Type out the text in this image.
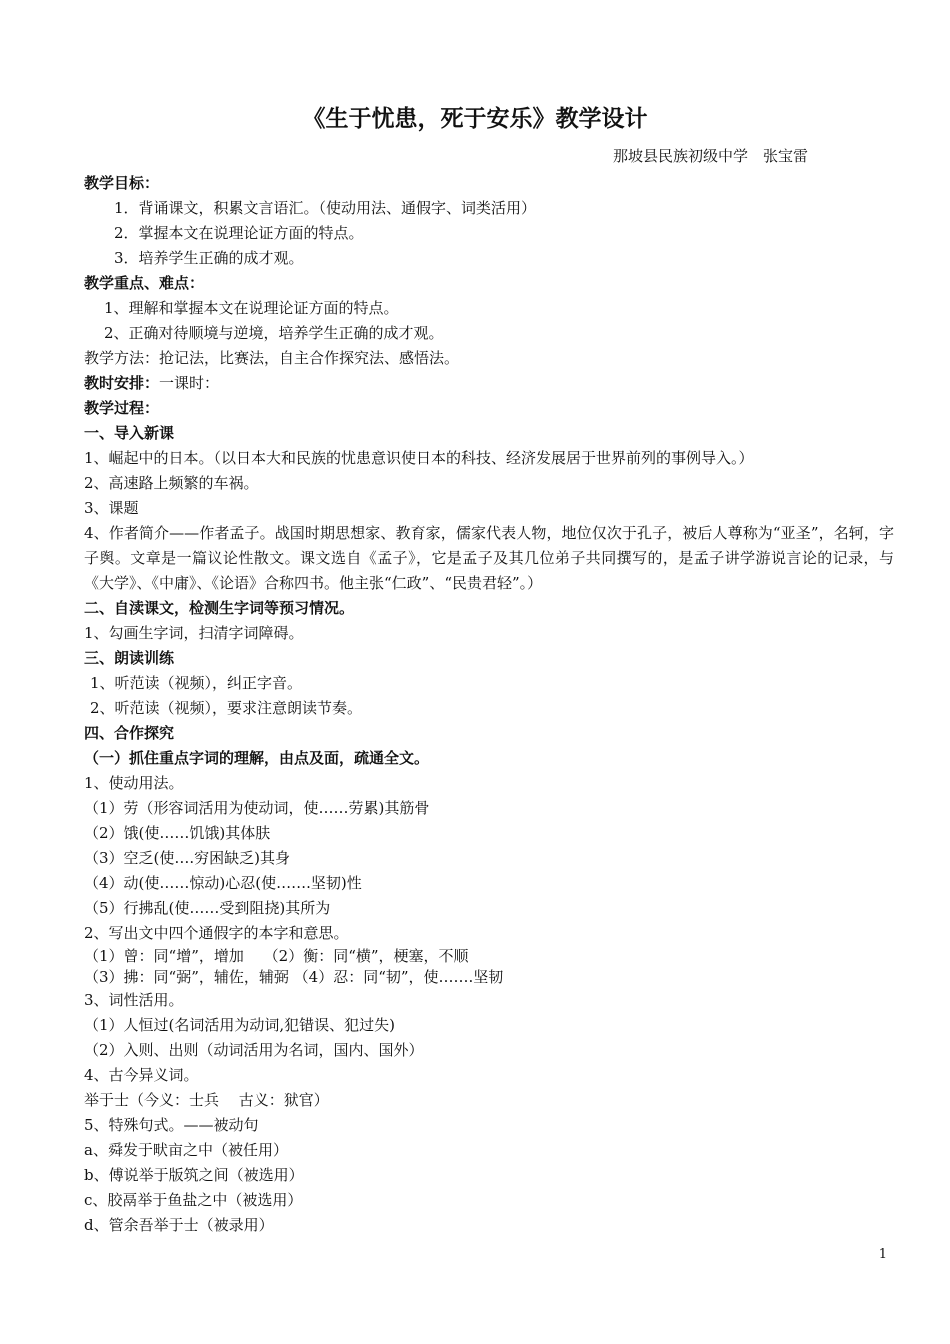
《生于忧患，死于安乐》教学设计
那坡县民族初级中学　张宝雷
教学目标：
1．背诵课文，积累文言语汇。（使动用法、通假字、词类活用）
2．掌握本文在说理论证方面的特点。
3．培养学生正确的成才观。
教学重点、难点：
1、理解和掌握本文在说理论证方面的特点。
2、正确对待顺境与逆境，培养学生正确的成才观。
教学方法：抢记法，比赛法，自主合作探究法、感悟法。
教时安排：一课时：
教学过程：
一、导入新课
1、崛起中的日本。（以日本大和民族的忧患意识使日本的科技、经济发展居于世界前列的事例导入。）
2、高速路上频繁的车祸。
3、课题
4、作者简介——作者孟子。战国时期思想家、教育家，儒家代表人物，地位仅次于孔子，被后人尊称为“亚圣”，名轲，字子舆。文章是一篇议论性散文。课文选自《孟子》，它是孟子及其几位弟子共同撰写的，是孟子讲学游说言论的记录，与《大学》、《中庸》、《论语》合称四书。他主张“仁政”、“民贵君轻”。）
二、自渎课文，检测生字词等预习情况。
1、勾画生字词，扫清字词障碍。
三、朗读训练
1、听范读（视频），纠正字音。
2、听范读（视频），要求注意朗读节奏。
四、合作探究
（一）抓住重点字词的理解，由点及面，疏通全文。
1、使动用法。
（1）劳（形容词活用为使动词，使……劳累)其筋骨
（2）饿(使……饥饿)其体肤
（3）空乏(使….穷困缺乏)其身
（4）动(使……惊动)心忍(使…….坚韧)性
（5）行拂乱(使……受到阻挠)其所为
2、写出文中四个通假字的本字和意思。
（1）曾：同“增”，增加　 （2）衡：同“横”，梗塞，不顺
（3）拂：同“弼”，辅佐，辅弼 （4）忍：同“韧”，使…….坚韧
3、词性活用。
（1）人恒过(名词活用为动词,犯错误、犯过失)
（2）入则、出则（动词活用为名词，国内、国外）
4、古今异义词。
举于士（今义：士兵　 古义：狱官）
5、特殊句式。——被动句
a、舜发于畎亩之中（被任用）
b、傅说举于版筑之间（被选用）
c、胶鬲举于鱼盐之中（被选用）
d、管余吾举于士（被录用）
1
